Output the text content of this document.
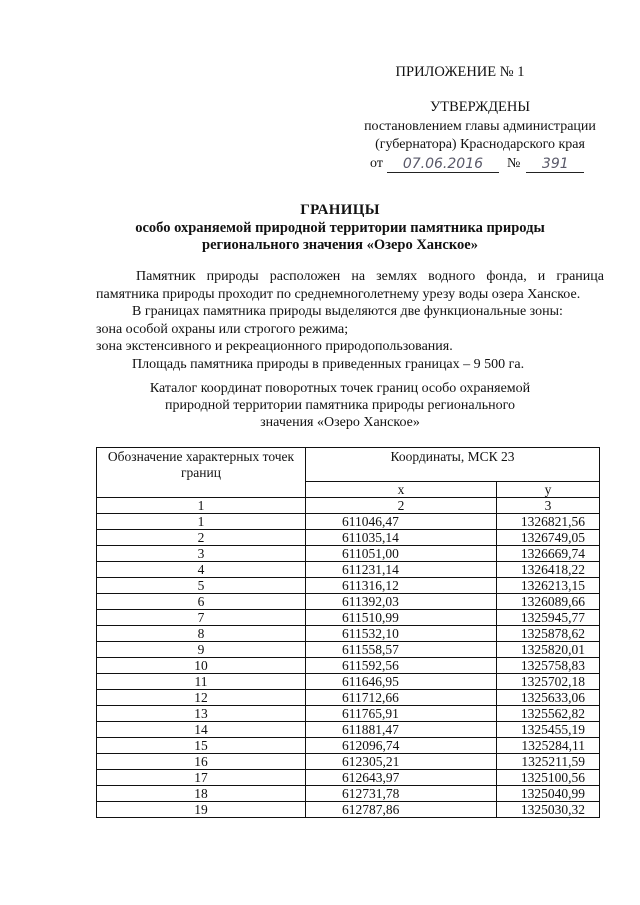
ПРИЛОЖЕНИЕ № 1
УТВЕРЖДЕНЫ
постановлением главы администрации
(губернатора) Краснодарского края
от	07.06.2016	№	391
ГРАНИЦЫ
особо охраняемой природной территории памятника природы
регионального значения «Озеро Ханское»

Памятник природы расположен на землях водного фонда, и граница памятника природы проходит по среднемноголетнему урезу воды озера Ханское.

В границах памятника природы выделяются две функциональные зоны:

зона особой охраны или строгого режима;

зона экстенсивного и рекреационного природопользования.

Площадь памятника природы в приведенных границах – 9 500 га.

Каталог координат поворотных точек границ особо охраняемой
природной территории памятника природы регионального
значения «Озеро Ханское»
Обозначение характерных точек границ	Координаты, МСК 23	
	x	y
1	2	3
1	611046,47	1326821,56
2	611035,14	1326749,05
3	611051,00	1326669,74
4	611231,14	1326418,22
5	611316,12	1326213,15
6	611392,03	1326089,66
7	611510,99	1325945,77
8	611532,10	1325878,62
9	611558,57	1325820,01
10	611592,56	1325758,83
11	611646,95	1325702,18
12	611712,66	1325633,06
13	611765,91	1325562,82
14	611881,47	1325455,19
15	612096,74	1325284,11
16	612305,21	1325211,59
17	612643,97	1325100,56
18	612731,78	1325040,99
19	612787,86	1325030,32
